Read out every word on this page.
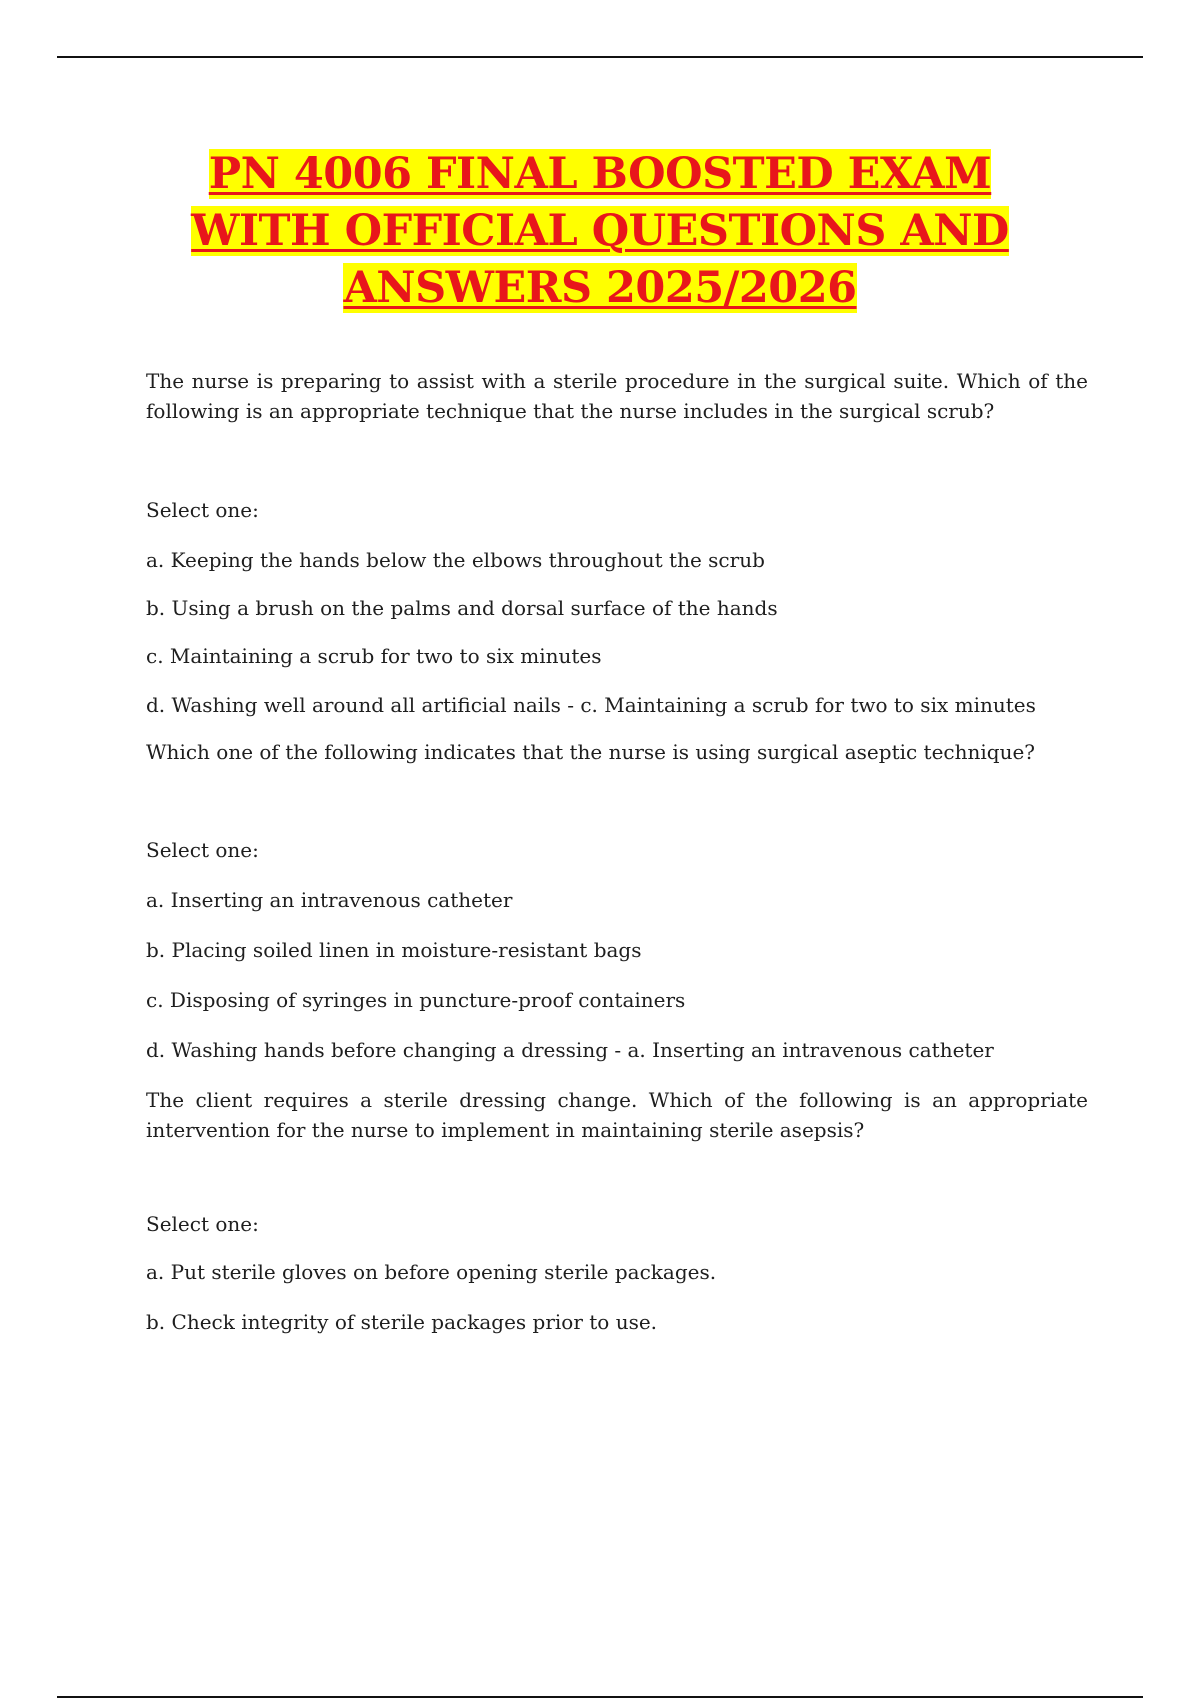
PN 4006 FINAL BOOSTED EXAM
WITH OFFICIAL QUESTIONS AND
ANSWERS 2025/2026

The nurse is preparing to assist with a sterile procedure in the surgical suite. Which of the following is an appropriate technique that the nurse includes in the surgical scrub?

Select one:

a. Keeping the hands below the elbows throughout the scrub

b. Using a brush on the palms and dorsal surface of the hands

c. Maintaining a scrub for two to six minutes

d. Washing well around all artificial nails - c. Maintaining a scrub for two to six minutes

Which one of the following indicates that the nurse is using surgical aseptic technique?

Select one:

a. Inserting an intravenous catheter

b. Placing soiled linen in moisture-resistant bags

c. Disposing of syringes in puncture-proof containers

d. Washing hands before changing a dressing - a. Inserting an intravenous catheter

The client requires a sterile dressing change. Which of the following is an appropriate intervention for the nurse to implement in maintaining sterile asepsis?

Select one:

a. Put sterile gloves on before opening sterile packages.

b. Check integrity of sterile packages prior to use.
